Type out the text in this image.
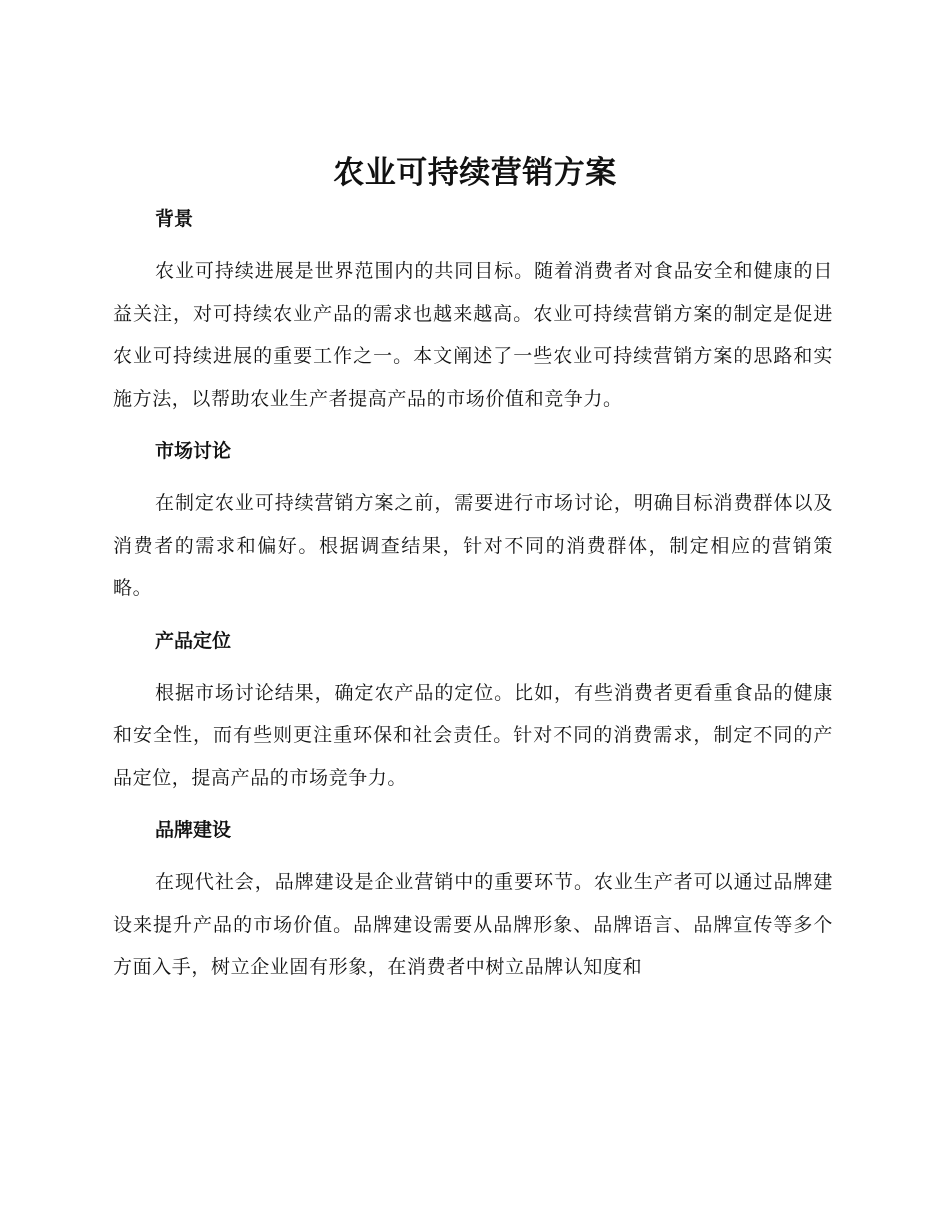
农业可持续营销方案
背景

农业可持续进展是世界范围内的共同目标。随着消费者对食品安全和健康的日益关注，对可持续农业产品的需求也越来越高。农业可持续营销方案的制定是促进农业可持续进展的重要工作之一。本文阐述了一些农业可持续营销方案的思路和实施方法，以帮助农业生产者提高产品的市场价值和竞争力。

市场讨论

在制定农业可持续营销方案之前，需要进行市场讨论，明确目标消费群体以及消费者的需求和偏好。根据调查结果，针对不同的消费群体，制定相应的营销策略。

产品定位

根据市场讨论结果，确定农产品的定位。比如，有些消费者更看重食品的健康和安全性，而有些则更注重环保和社会责任。针对不同的消费需求，制定不同的产品定位，提高产品的市场竞争力。

品牌建设

在现代社会，品牌建设是企业营销中的重要环节。农业生产者可以通过品牌建设来提升产品的市场价值。品牌建设需要从品牌形象、品牌语言、品牌宣传等多个方面入手，树立企业固有形象，在消费者中树立品牌认知度和
